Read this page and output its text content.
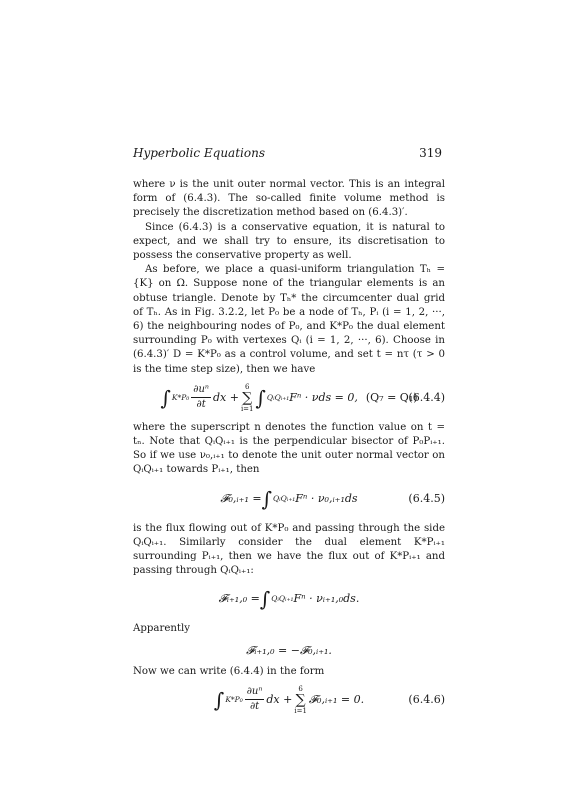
Hyperbolic Equations	319

where ν is the unit outer normal vector. This is an integral form of (6.4.3). The so-called finite volume method is precisely the discretization method based on (6.4.3)′.

Since (6.4.3) is a conservative equation, it is natural to expect, and we shall try to ensure, its discretisation to possess the conservative property as well.

As before, we place a quasi-uniform triangulation Tₕ = {K} on Ω. Suppose none of the triangular elements is an obtuse triangle. Denote by Tₕ* the circumcenter dual grid of Tₕ. As in Fig. 3.2.2, let P₀ be a node of Tₕ, Pᵢ (i = 1, 2, ···, 6) the neighbouring nodes of P₀, and K*P₀ the dual element surrounding P₀ with vertexes Qᵢ (i = 1, 2, ···, 6). Choose in (6.4.3)′ D = K*P₀ as a control volume, and set t = nτ (τ > 0 is the time step size), then we have

∫ $K*P_0 \frac{\text{∂uⁿ}}{\partial t}$ dx +
6
∑
i=1 ∫ QᵢQᵢ₊₁ Fⁿ · νds = 0, (Q₇ = Q₁)
(6.4.4)

where the superscript n denotes the function value on t = tₙ. Note that QᵢQᵢ₊₁ is the perpendicular bisector of P₀Pᵢ₊₁. So if we use ν₀,ᵢ₊₁ to denote the unit outer normal vector on QᵢQᵢ₊₁ towards Pᵢ₊₁, then

𝓕₀,ᵢ₊₁ = ∫ QᵢQᵢ₊₁ Fⁿ · ν₀,ᵢ₊₁ds	(6.4.5)

is the flux flowing out of K*P₀ and passing through the side QᵢQᵢ₊₁. Similarly consider the dual element K*Pᵢ₊₁ surrounding Pᵢ₊₁, then we have the flux out of K*Pᵢ₊₁ and passing through QᵢQᵢ₊₁:

𝓕ᵢ₊₁,₀ = ∫ QᵢQᵢ₊₁ Fⁿ · νᵢ₊₁,₀ds.

Apparently

𝓕ᵢ₊₁,₀ = −𝓕₀,ᵢ₊₁.

Now we can write (6.4.4) in the form

∫ $K*P_0 \frac{\text{∂uⁿ}}{\partial t}$ dx +
6
∑
i=1
𝓕₀,ᵢ₊₁ = 0.	(6.4.6)
